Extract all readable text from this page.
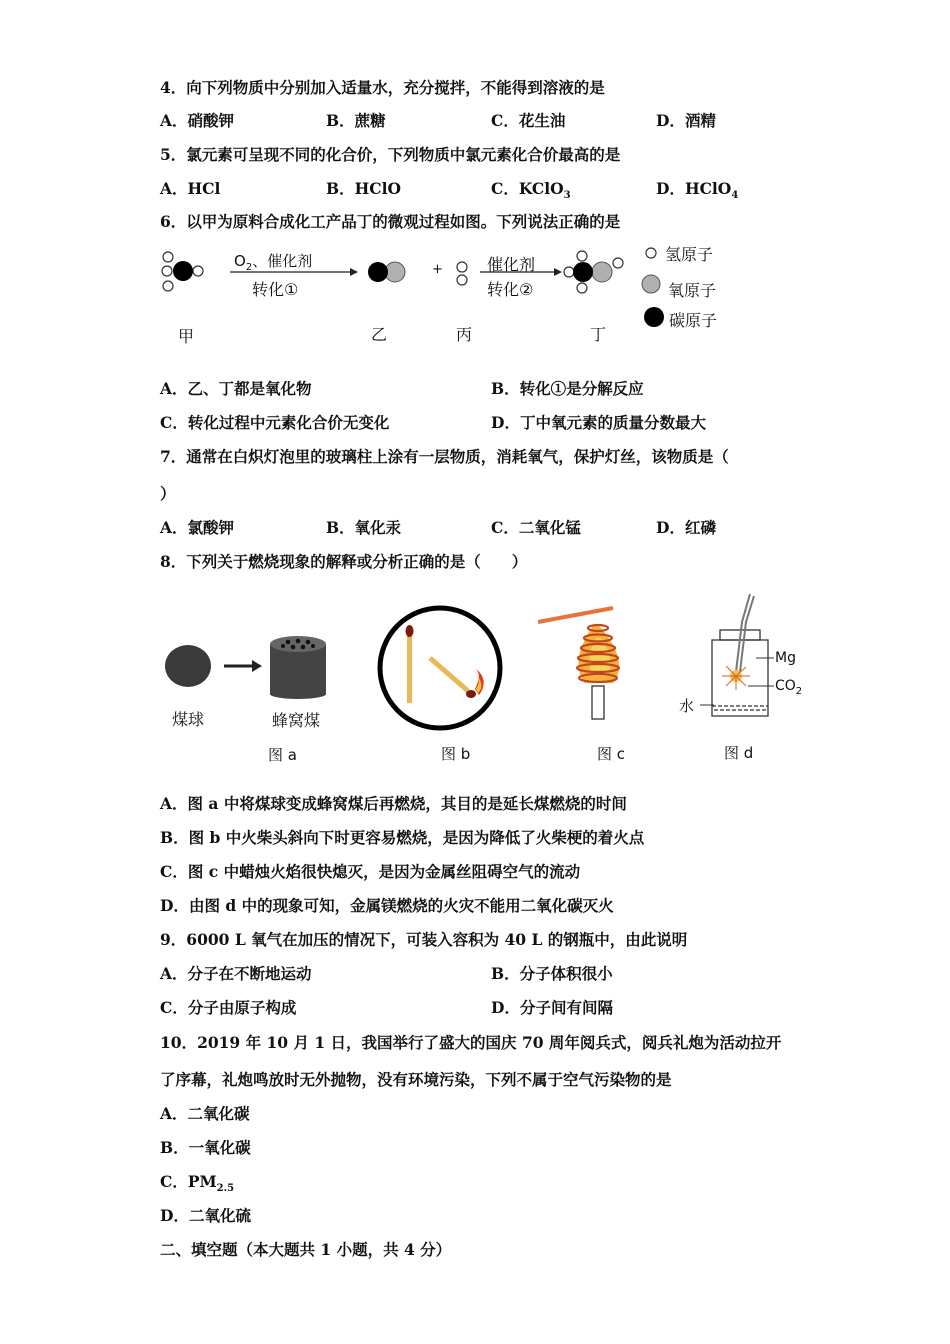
4．向下列物质中分别加入适量水，充分搅拌，不能得到溶液的是
A．硝酸钾	B．蔗糖	C．花生油	D．酒精
5．氯元素可呈现不同的化合价，下列物质中氯元素化合价最高的是
A．HCl	B．HClO	C．KClO$_3$	D．HClO$_4$
6．以甲为原料合成化工产品丁的微观过程如图。下列说法正确的是
$O_2$、催化剂
转化①
+	催化剂
转化②
氢原子
氧原子
碳原子
甲	乙	丙	丁
A．乙、丁都是氧化物	B．转化①是分解反应
C．转化过程中元素化合价无变化	D．丁中氧元素的质量分数最大
7．通常在白炽灯泡里的玻璃柱上涂有一层物质，消耗氧气，保护灯丝，该物质是（
）
A．氯酸钾	B．氧化汞	C．二氧化锰	D．红磷
8．下列关于燃烧现象的解释或分析正确的是（　　）
煤球	蜂窝煤
图 a	图 b	图 c
Mg
$CO_2$
水
图 d
A．图 a 中将煤球变成蜂窝煤后再燃烧，其目的是延长煤燃烧的时间
B．图 b 中火柴头斜向下时更容易燃烧，是因为降低了火柴梗的着火点
C．图 c 中蜡烛火焰很快熄灭，是因为金属丝阻碍空气的流动
D．由图 d 中的现象可知，金属镁燃烧的火灾不能用二氧化碳灭火
9．6000 L 氧气在加压的情况下，可装入容积为 40 L 的钢瓶中，由此说明
A．分子在不断地运动	B．分子体积很小
C．分子由原子构成	D．分子间有间隔
10．2019 年 10 月 1 日，我国举行了盛大的国庆 70 周年阅兵式，阅兵礼炮为活动拉开
了序幕，礼炮鸣放时无外抛物，没有环境污染，下列不属于空气污染物的是
A．二氧化碳
B．一氧化碳
C．$PM_{2.5}$
D．二氧化硫
二、填空题（本大题共 1 小题，共 4 分）
